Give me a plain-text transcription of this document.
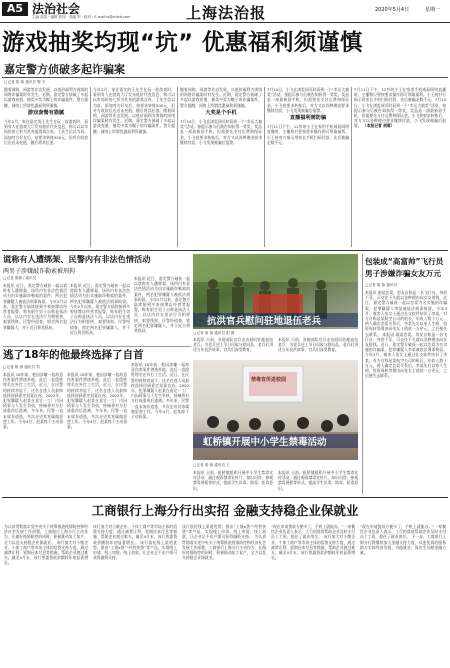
A5 法治社会
主编 周苗 · 编辑 张园 · 美编 刘 · 校对 · E-mail:ls@shfzb.com	上海法治报	2020年5月4日	星期一
游戏抽奖均现“坑” 优惠福利须谨慎
嘉定警方侦破多起诈骗案
□记者 胡 蓉 通讯员 警 宇
随着网购、网游等业态发展，以低价福利为诱饵的网络诈骗案时有发生。近期，嘉定警方侦破了多起以游戏充值、抽奖中奖为幌子的诈骗案件。警方提醒，网络上所谓优惠福利须谨慎。
游戏套餐有猫腻
今年2月，家住嘉定的王先生在玩一款游戏时，看到有人在游戏大厅发布低价代充信息，称可以以市场价的七折为其充值游戏点券。王先生信以为真，添加对方好友后，按要求转账500元，但对方收款后迟迟未充值，随后将其拉黑。
今年2月，家住嘉定的王先生在玩一款游戏时，看到有人在游戏大厅发布低价代充信息，称可以以市场价的七折为其充值游戏点券。王先生信以为真，添加对方好友后，按要求转账500元，但对方收款后迟迟未充值，随后将其拉黑。随着网购、网游等业态发展，以低价福利为诱饵的网络诈骗案时有发生。近期，嘉定警方侦破了多起以游戏充值、抽奖中奖为幌子的诈骗案件。警方提醒，网络上所谓优惠福利须谨慎。
随着网购、网游等业态发展，以低价福利为诱饵的网络诈骗案时有发生。近期，嘉定警方侦破了多起以游戏充值、抽奖中奖为幌子的诈骗案件。警方提醒，网络上所谓优惠福利须谨慎。
大奖是个手机
7月10日，小飞在浏览网页时看到一个“幸运大抽奖”活动，按提示参与后被告知获得一等奖，奖品是一部最新款手机，但需要先支付运费和保证金。小飞按要求转账后，对方又以各种理由要求继续付款，小飞发现被骗后报警。
7月10日，小飞在浏览网页时看到一个“幸运大抽奖”活动，按提示参与后被告知获得一等奖，奖品是一部最新款手机，但需要先支付运费和保证金。小飞按要求转账后，对方又以各种理由要求继续付款，小飞发现被骗后报警。
直播福利需防骗
7月11日下午，12岁的小王在家用手机观看网络直播时，主播称只要按要求操作即可领取福利。小王按对方指示用家长手机扫码付款，先后被骗走数千元。
7月11日下午，12岁的小王在家用手机观看网络直播时，主播称只要按要求操作即可领取福利。小王按对方指示用家长手机扫码付款，先后被骗走数千元。7月10日，小飞在浏览网页时看到一个“幸运大抽奖”活动，按提示参与后被告知获得一等奖，奖品是一部最新款手机，但需要先支付运费和保证金。小飞按要求转账后，对方又以各种理由要求继续付款，小飞发现被骗后报警。 （本报记者 胡蓉）
谎称有人遭绑架、民警内有非法色情活动
两男子涉嫌敲诈勒索被刑拘
□记者 胡蓉 / 通讯员
本报讯 近日，嘉定警方破获一起以谎称有人遭绑架、场所内有非法色情活动为由实施敲诈勒索的案件，两名犯罪嫌疑人被依法刑事拘留。今年2月以来，嘉定警方陆续接到多家按摩店经营者报警，称有陌生男子自称是执法人员，以店内存在违法行为相要挟，索要钱财。民警经侦查，锁定两名犯罪嫌疑人，并于近日将其抓获。
本报讯 近日，嘉定警方破获一起以谎称有人遭绑架、场所内有非法色情活动为由实施敲诈勒索的案件，两名犯罪嫌疑人被依法刑事拘留。今年2月以来，嘉定警方陆续接到多家按摩店经营者报警，称有陌生男子自称是执法人员，以店内存在违法行为相要挟，索要钱财。民警经侦查，锁定两名犯罪嫌疑人，并于近日将其抓获。
本报讯 近日，嘉定警方破获一起以谎称有人遭绑架、场所内有非法色情活动为由实施敲诈勒索的案件，两名犯罪嫌疑人被依法刑事拘留。今年2月以来，嘉定警方陆续接到多家按摩店经营者报警，称有陌生男子自称是执法人员，以店内存在违法行为相要挟，索要钱财。民警经侦查，锁定两名犯罪嫌疑人，并于近日将其抓获。
抗洪官兵慰问驻地退伍老兵
□记者 胡 蓉 通讯员 阳 摄
本报讯 日前，驻地部队官兵走访慰问驻地退伍老兵，为老兵送上节日问候与慰问品，老兵们讲述当年抗洪故事，官兵们深受教育。
本报讯 日前，驻地部队官兵走访慰问驻地退伍老兵，为老兵送上节日问候与慰问品，老兵们讲述当年抗洪故事，官兵们深受教育。
逃了18年的他最终选择了自首
□记者 胡 蓉 通讯员 郑
本报讯 18年前，他因涉嫌一起故意伤害案件潜逃外地，此后一直隐姓埋名在外打工生活。近日，在民警的持续劝说下，这名在逃人员最终选择回到嘉定投案自首。2002年，犯罪嫌疑人赵某在嘉定一工厂内因琐事与人发生争执，持械将对方打成重伤后逃离。多年来，民警一直未放弃追逃，多次走访其家属做思想工作。今年4月，赵某终于主动投案。
本报讯 18年前，他因涉嫌一起故意伤害案件潜逃外地，此后一直隐姓埋名在外打工生活。近日，在民警的持续劝说下，这名在逃人员最终选择回到嘉定投案自首。2002年，犯罪嫌疑人赵某在嘉定一工厂内因琐事与人发生争执，持械将对方打成重伤后逃离。多年来，民警一直未放弃追逃，多次走访其家属做思想工作。今年4月，赵某终于主动投案。
本报讯 18年前，他因涉嫌一起故意伤害案件潜逃外地，此后一直隐姓埋名在外打工生活。近日，在民警的持续劝说下，这名在逃人员最终选择回到嘉定投案自首。2002年，犯罪嫌疑人赵某在嘉定一工厂内因琐事与人发生争执，持械将对方打成重伤后逃离。多年来，民警一直未放弃追逃，多次走访其家属做思想工作。今年4月，赵某终于主动投案。
禁毒宣传进校园
虹桥镇开展中小学生禁毒活动
□记者 胡 蓉 通讯员 王
本报讯 日前，虹桥镇组织开展中小学生禁毒宣传活动，通过观看禁毒宣传片、知识问答、参观禁毒展板等形式，提高学生识毒、防毒、拒毒意识。
本报讯 日前，虹桥镇组织开展中小学生禁毒宣传活动，通过观看禁毒宣传片、知识问答、参观禁毒展板等形式，提高学生识毒、防毒、拒毒意识。
包装成“高富帅”飞行员
男子涉嫌诈骗女友万元
□记者 胡 蓉 通讯员
本报讯 刚谈恋爱，男友自称是一名飞行员，身价不菲，可交往不久就以各种理由向女友借钱。近日，嘉定警方破获一起以恋爱为名实施的诈骗案，犯罪嫌疑人李某被依法刑事拘留。今年3月，被害人张女士通过社交软件结识了李某，对方自称是某航空公司的机长，年收入数十万元。两人确定恋爱关系后，李某先后以家人生病、投资周转等理由向张女士借款一万余元，之后便失去联系。 本报讯 刚谈恋爱，男友自称是一名飞行员，身价不菲，可交往不久就以各种理由向女友借钱。近日，嘉定警方破获一起以恋爱为名实施的诈骗案，犯罪嫌疑人李某被依法刑事拘留。今年3月，被害人张女士通过社交软件结识了李某，对方自称是某航空公司的机长，年收入数十万元。两人确定恋爱关系后，李某先后以家人生病、投资周转等理由向张女士借款一万余元，之后便失去联系。
工商银行上海分行出实招 金融支持稳企业保就业
为认真贯彻落实党中央关于统筹推进疫情防控和经济社会发展工作部署，工商银行上海分行主动作为，在做好疫情防控的同时，积极推动复工复产，全力以赴支持稳企业保就业。 该行加大对小微企业、个体工商户等市场主体的信贷支持力度，通过减费让利、延期还本付息等措施，帮助企业渡过难关。截至4月末，该行普惠贷款余额较年初显著增长。
该行加大对小微企业、个体工商户等市场主体的信贷支持力度，通过减费让利、延期还本付息等措施，帮助企业渡过难关。截至4月末，该行普惠贷款余额较年初显著增长。 该行依托线上渠道优势，推出“工银e贷”“经营快贷”等产品，实现线上申请、线上审批、线上放款，让企业足不出户即可获得融资支持。
该行依托线上渠道优势，推出“工银e贷”“经营快贷”等产品，实现线上申请、线上审批、线上放款，让企业足不出户即可获得融资支持。 为认真贯彻落实党中央关于统筹推进疫情防控和经济社会发展工作部署，工商银行上海分行主动作为，在做好疫情防控的同时，积极推动复工复产，全力以赴支持稳企业保就业。
“现在申请贷款方便多了，手机上就能办。”一家餐饮企业负责人表示，工行的贷款帮助企业及时支付员工工资，稳住了就业岗位。 该行加大对小微企业、个体工商户等市场主体的信贷支持力度，通过减费让利、延期还本付息等措施，帮助企业渡过难关。截至4月末，该行普惠贷款余额较年初显著增长。
“现在申请贷款方便多了，手机上就能办。”一家餐饮企业负责人表示，工行的贷款帮助企业及时支付员工工资，稳住了就业岗位。 下一步，工商银行上海分行将继续加大金融支持力度，以更优质的服务助力实体经济发展，为稳就业、保民生贡献金融力量。
